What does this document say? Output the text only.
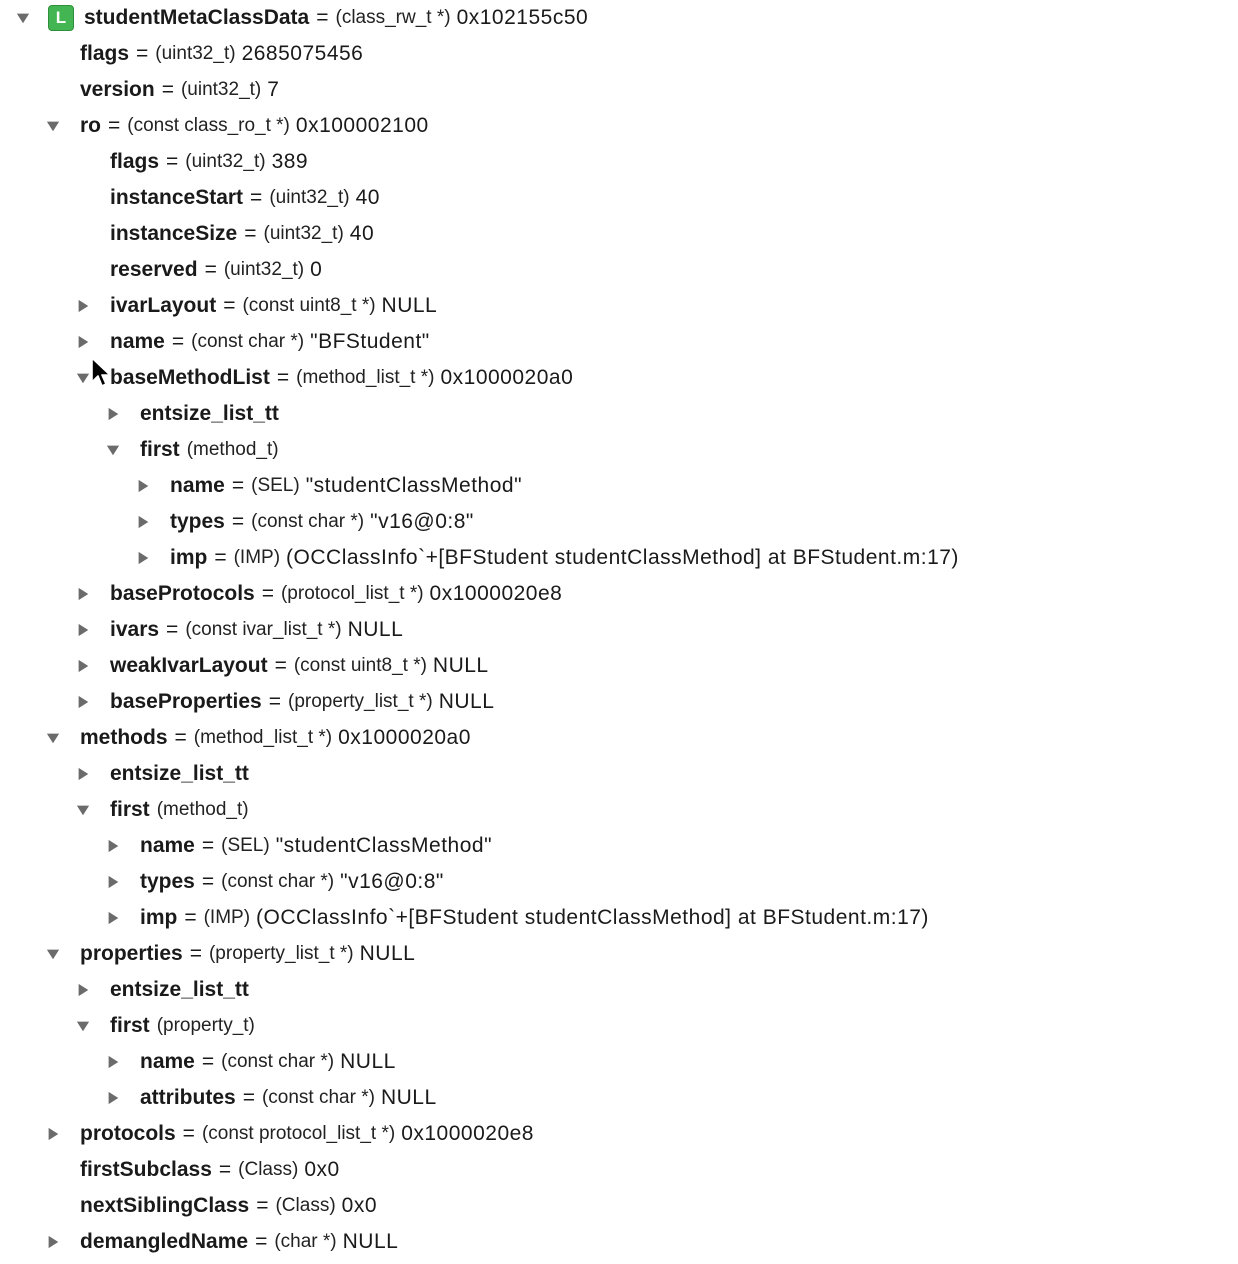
L studentMetaClassData = (class_rw_t *) 0x102155c50
flags = (uint32_t) 2685075456
version = (uint32_t) 7
ro = (const class_ro_t *) 0x100002100
flags = (uint32_t) 389
instanceStart = (uint32_t) 40
instanceSize = (uint32_t) 40
reserved = (uint32_t) 0
ivarLayout = (const uint8_t *) NULL
name = (const char *) "BFStudent"
baseMethodList = (method_list_t *) 0x1000020a0
entsize_list_tt
first (method_t)
name = (SEL) "studentClassMethod"
types = (const char *) "v16@0:8"
imp = (IMP) (OCClassInfo`+[BFStudent studentClassMethod] at BFStudent.m:17)
baseProtocols = (protocol_list_t *) 0x1000020e8
ivars = (const ivar_list_t *) NULL
weakIvarLayout = (const uint8_t *) NULL
baseProperties = (property_list_t *) NULL
methods = (method_list_t *) 0x1000020a0
entsize_list_tt
first (method_t)
name = (SEL) "studentClassMethod"
types = (const char *) "v16@0:8"
imp = (IMP) (OCClassInfo`+[BFStudent studentClassMethod] at BFStudent.m:17)
properties = (property_list_t *) NULL
entsize_list_tt
first (property_t)
name = (const char *) NULL
attributes = (const char *) NULL
protocols = (const protocol_list_t *) 0x1000020e8
firstSubclass = (Class) 0x0
nextSiblingClass = (Class) 0x0
demangledName = (char *) NULL
